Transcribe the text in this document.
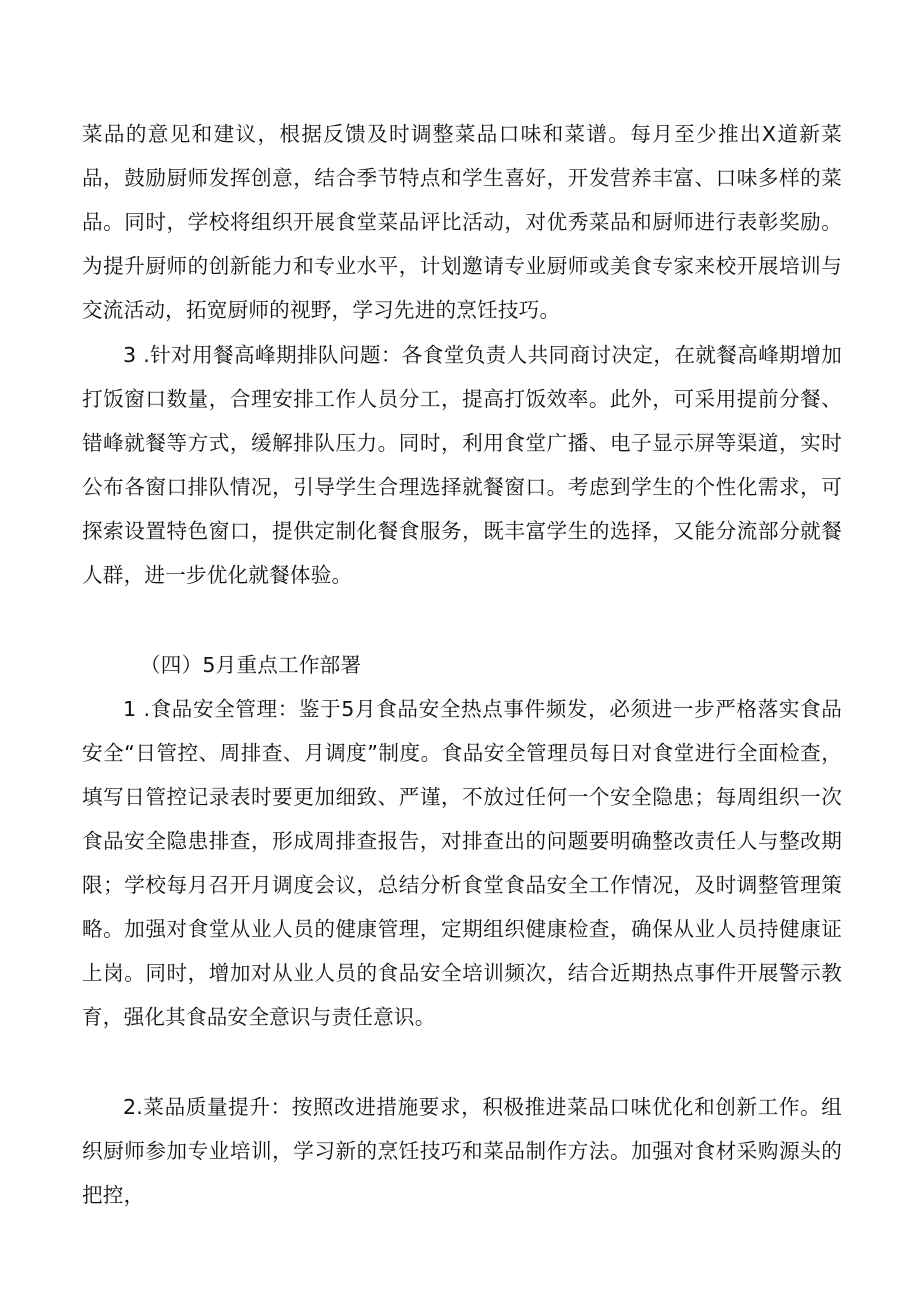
菜品的意见和建议，根据反馈及时调整菜品口味和菜谱。每月至少推出X道新菜品，鼓励厨师发挥创意，结合季节特点和学生喜好，开发营养丰富、口味多样的菜品。同时，学校将组织开展食堂菜品评比活动，对优秀菜品和厨师进行表彰奖励。为提升厨师的创新能力和专业水平，计划邀请专业厨师或美食专家来校开展培训与交流活动，拓宽厨师的视野，学习先进的烹饪技巧。

3 .针对用餐高峰期排队问题：各食堂负责人共同商讨决定，在就餐高峰期增加打饭窗口数量，合理安排工作人员分工，提高打饭效率。此外，可采用提前分餐、错峰就餐等方式，缓解排队压力。同时，利用食堂广播、电子显示屏等渠道，实时公布各窗口排队情况，引导学生合理选择就餐窗口。考虑到学生的个性化需求，可探索设置特色窗口，提供定制化餐食服务，既丰富学生的选择，又能分流部分就餐人群，进一步优化就餐体验。

（四）5月重点工作部署

1 .食品安全管理：鉴于5月食品安全热点事件频发，必须进一步严格落实食品安全“日管控、周排查、月调度”制度。食品安全管理员每日对食堂进行全面检查，填写日管控记录表时要更加细致、严谨，不放过任何一个安全隐患；每周组织一次食品安全隐患排查，形成周排查报告，对排查出的问题要明确整改责任人与整改期限；学校每月召开月调度会议，总结分析食堂食品安全工作情况，及时调整管理策略。加强对食堂从业人员的健康管理，定期组织健康检查，确保从业人员持健康证上岗。同时，增加对从业人员的食品安全培训频次，结合近期热点事件开展警示教育，强化其食品安全意识与责任意识。

2.菜品质量提升：按照改进措施要求，积极推进菜品口味优化和创新工作。组织厨师参加专业培训，学习新的烹饪技巧和菜品制作方法。加强对食材采购源头的把控，
